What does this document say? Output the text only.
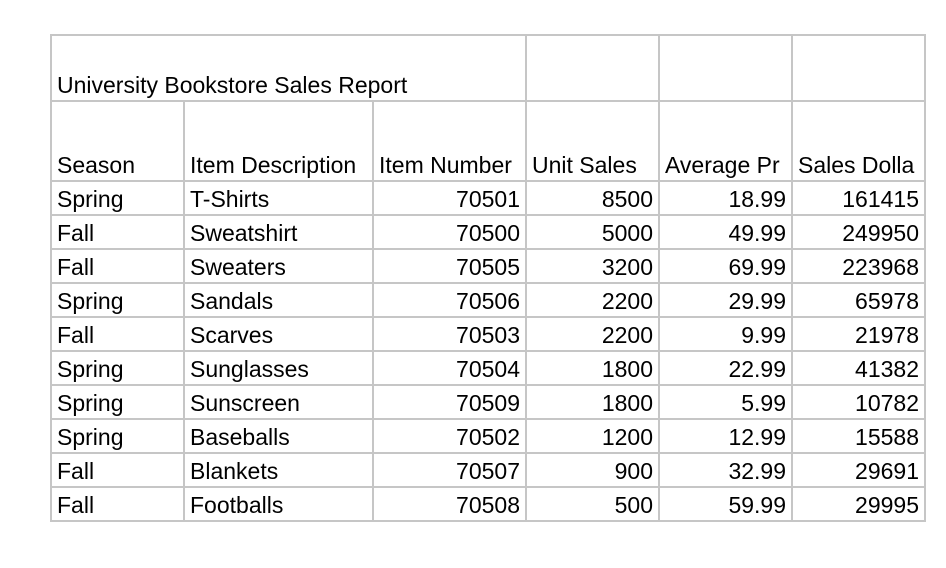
University Bookstore Sales Report					
Season	Item Description	Item Number	Unit Sales	Average Pr	Sales Dolla
Spring	T-Shirts	70501	8500	18.99	161415
Fall	Sweatshirt	70500	5000	49.99	249950
Fall	Sweaters	70505	3200	69.99	223968
Spring	Sandals	70506	2200	29.99	65978
Fall	Scarves	70503	2200	9.99	21978
Spring	Sunglasses	70504	1800	22.99	41382
Spring	Sunscreen	70509	1800	5.99	10782
Spring	Baseballs	70502	1200	12.99	15588
Fall	Blankets	70507	900	32.99	29691
Fall	Footballs	70508	500	59.99	29995
